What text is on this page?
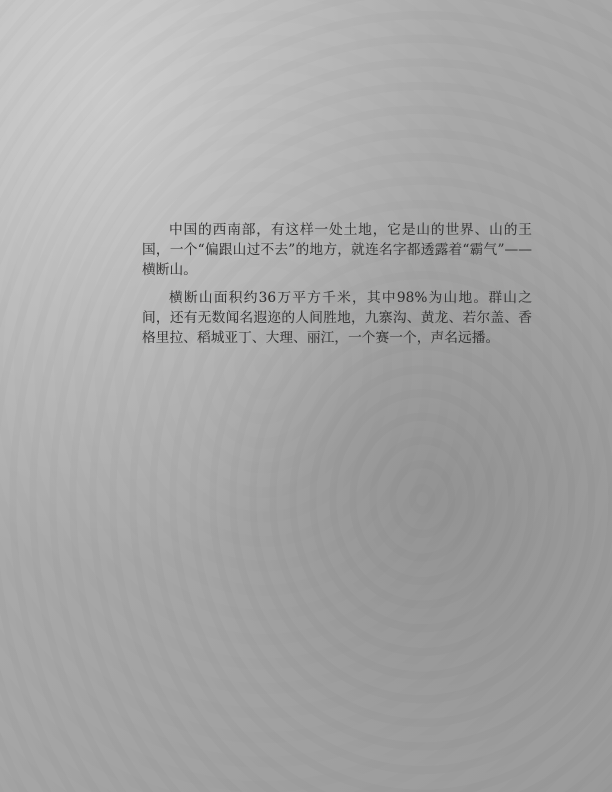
中国的西南部，有这样一处土地，它是山的世界、山的王国，一个“偏跟山过不去”的地方，就连名字都透露着“霸气”——横断山。

横断山面积约36万平方千米，其中98%为山地。群山之间，还有无数闻名遐迩的人间胜地，九寨沟、黄龙、若尔盖、香格里拉、稻城亚丁、大理、丽江，一个赛一个，声名远播。
